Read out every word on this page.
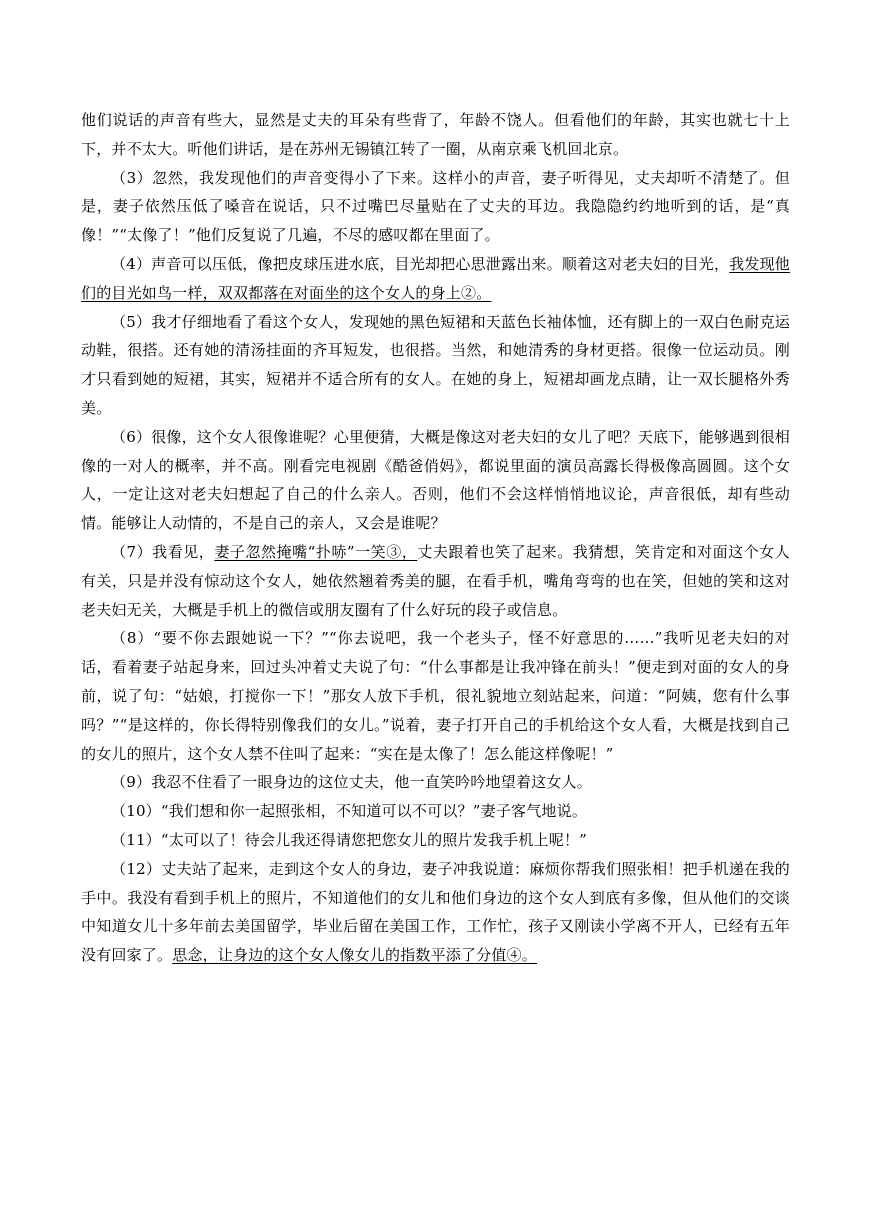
他们说话的声音有些大，显然是丈夫的耳朵有些背了，年龄不饶人。但看他们的年龄，其实也就七十上下，并不太大。听他们讲话，是在苏州无锡镇江转了一圈，从南京乘飞机回北京。

（3）忽然，我发现他们的声音变得小了下来。这样小的声音，妻子听得见，丈夫却听不清楚了。但是，妻子依然压低了嗓音在说话，只不过嘴巴尽量贴在了丈夫的耳边。我隐隐约约地听到的话，是“真像！”“太像了！”他们反复说了几遍，不尽的感叹都在里面了。

（4）声音可以压低，像把皮球压进水底，目光却把心思泄露出来。顺着这对老夫妇的目光，我发现他们的目光如鸟一样，双双都落在对面坐的这个女人的身上②。

（5）我才仔细地看了看这个女人，发现她的黑色短裙和天蓝色长袖体恤，还有脚上的一双白色耐克运动鞋，很搭。还有她的清汤挂面的齐耳短发，也很搭。当然，和她清秀的身材更搭。很像一位运动员。刚才只看到她的短裙，其实，短裙并不适合所有的女人。在她的身上，短裙却画龙点睛，让一双长腿格外秀美。

（6）很像，这个女人很像谁呢？心里便猜，大概是像这对老夫妇的女儿了吧？天底下，能够遇到很相像的一对人的概率，并不高。刚看完电视剧《酷爸俏妈》，都说里面的演员高露长得极像高圆圆。这个女人，一定让这对老夫妇想起了自己的什么亲人。否则，他们不会这样悄悄地议论，声音很低，却有些动情。能够让人动情的，不是自己的亲人，又会是谁呢？

（7）我看见，妻子忽然掩嘴“扑哧”一笑③，丈夫跟着也笑了起来。我猜想，笑肯定和对面这个女人有关，只是并没有惊动这个女人，她依然翘着秀美的腿，在看手机，嘴角弯弯的也在笑，但她的笑和这对老夫妇无关，大概是手机上的微信或朋友圈有了什么好玩的段子或信息。

（8）“要不你去跟她说一下？”“你去说吧，我一个老头子，怪不好意思的……”我听见老夫妇的对话，看着妻子站起身来，回过头冲着丈夫说了句：“什么事都是让我冲锋在前头！”便走到对面的女人的身前，说了句：“姑娘，打搅你一下！”那女人放下手机，很礼貌地立刻站起来，问道：“阿姨，您有什么事吗？”“是这样的，你长得特别像我们的女儿。”说着，妻子打开自己的手机给这个女人看，大概是找到自己的女儿的照片，这个女人禁不住叫了起来：“实在是太像了！怎么能这样像呢！”

（9）我忍不住看了一眼身边的这位丈夫，他一直笑吟吟地望着这女人。

（10）“我们想和你一起照张相，不知道可以不可以？”妻子客气地说。

（11）“太可以了！待会儿我还得请您把您女儿的照片发我手机上呢！”

（12）丈夫站了起来，走到这个女人的身边，妻子冲我说道：麻烦你帮我们照张相！把手机递在我的手中。我没有看到手机上的照片，不知道他们的女儿和他们身边的这个女人到底有多像，但从他们的交谈中知道女儿十多年前去美国留学，毕业后留在美国工作，工作忙，孩子又刚读小学离不开人，已经有五年没有回家了。思念，让身边的这个女人像女儿的指数平添了分值④。
